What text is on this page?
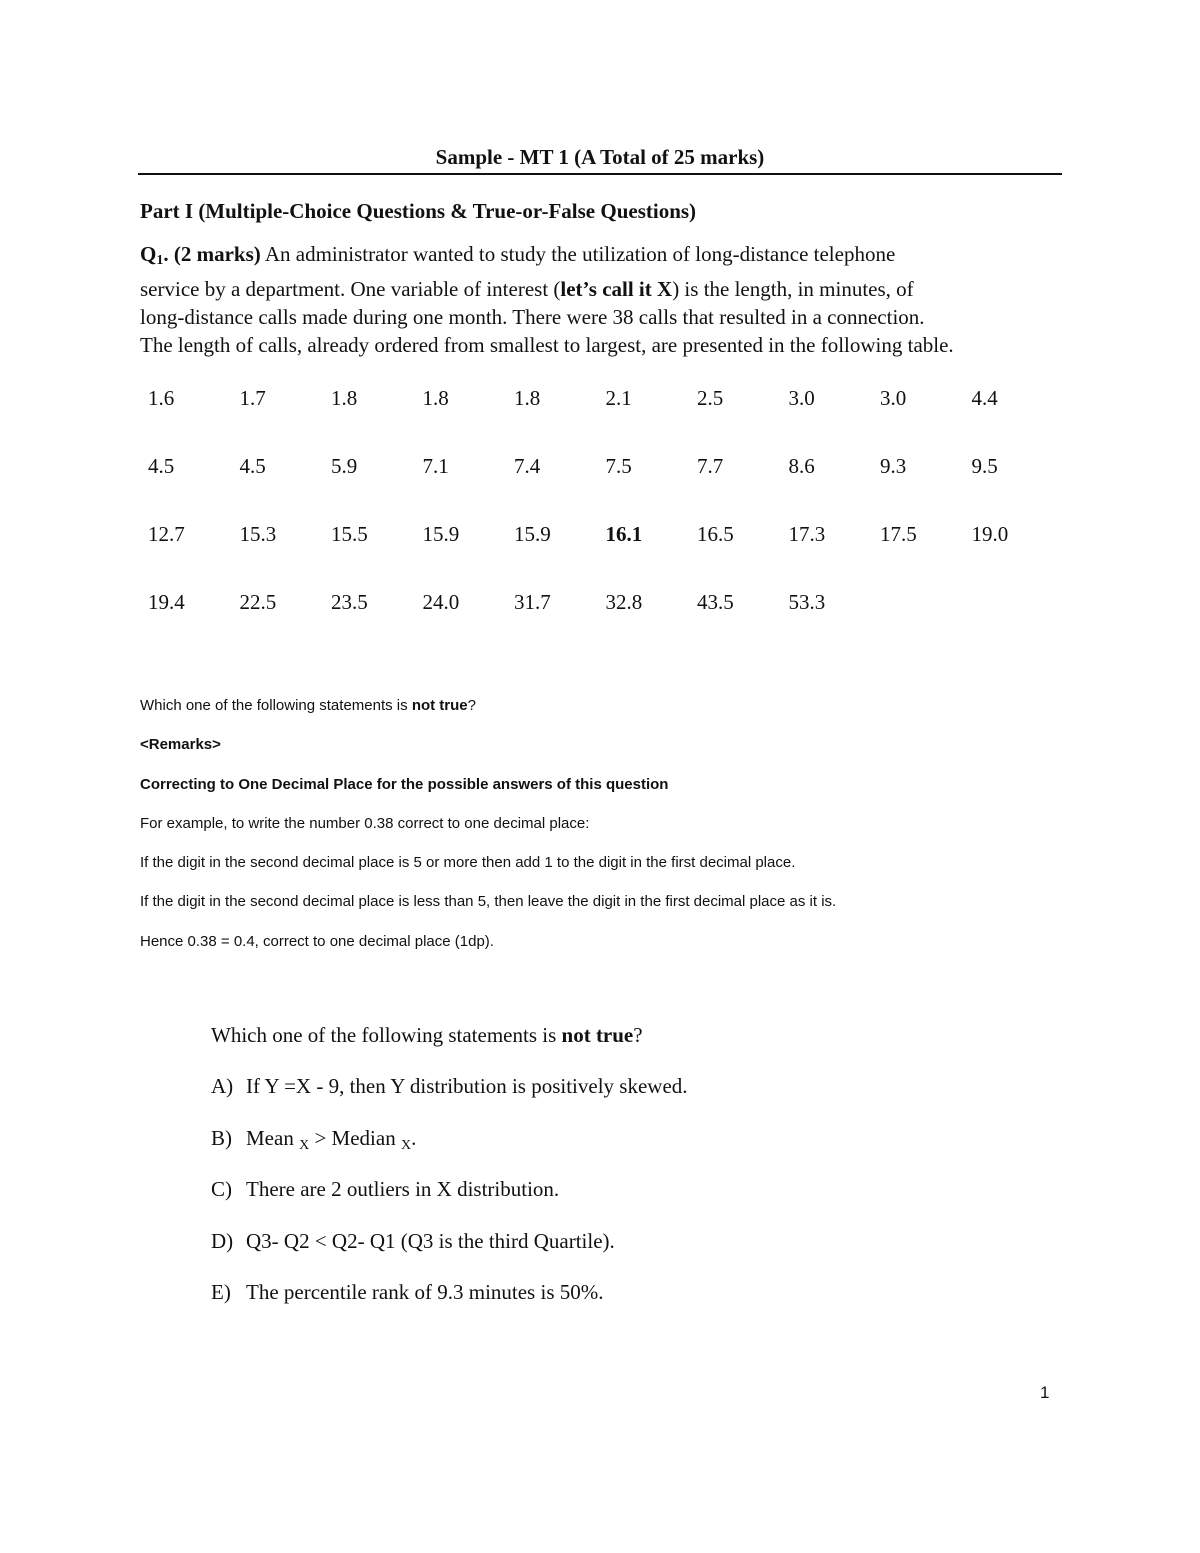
Sample - MT 1 (A Total of 25 marks)
Part I (Multiple-Choice Questions & True-or-False Questions)
$Q_1$. (2 marks) An administrator wanted to study the utilization of long-distance telephone
service by a department. One variable of interest (let’s call it X) is the length, in minutes, of
long-distance calls made during one month. There were 38 calls that resulted in a connection.
The length of calls, already ordered from smallest to largest, are presented in the following table.
1.6	1.7	1.8	1.8	1.8	2.1	2.5	3.0	3.0	4.4
4.5	4.5	5.9	7.1	7.4	7.5	7.7	8.6	9.3	9.5
12.7	15.3	15.5	15.9	15.9	16.1	16.5	17.3	17.5	19.0
19.4	22.5	23.5	24.0	31.7	32.8	43.5	53.3		

Which one of the following statements is not true?

<Remarks>

Correcting to One Decimal Place for the possible answers of this question

For example, to write the number 0.38 correct to one decimal place:

If the digit in the second decimal place is 5 or more then add 1 to the digit in the first decimal place.

If the digit in the second decimal place is less than 5, then leave the digit in the first decimal place as it is.

Hence 0.38 = 0.4, correct to one decimal place (1dp).

Which one of the following statements is not true?
A) If Y =X - 9, then Y distribution is positively skewed.
B) Mean $_X$ > Median $_X$.
C) There are 2 outliers in X distribution.
D) Q3- Q2 < Q2- Q1 (Q3 is the third Quartile).
E) The percentile rank of 9.3 minutes is 50%.
1
